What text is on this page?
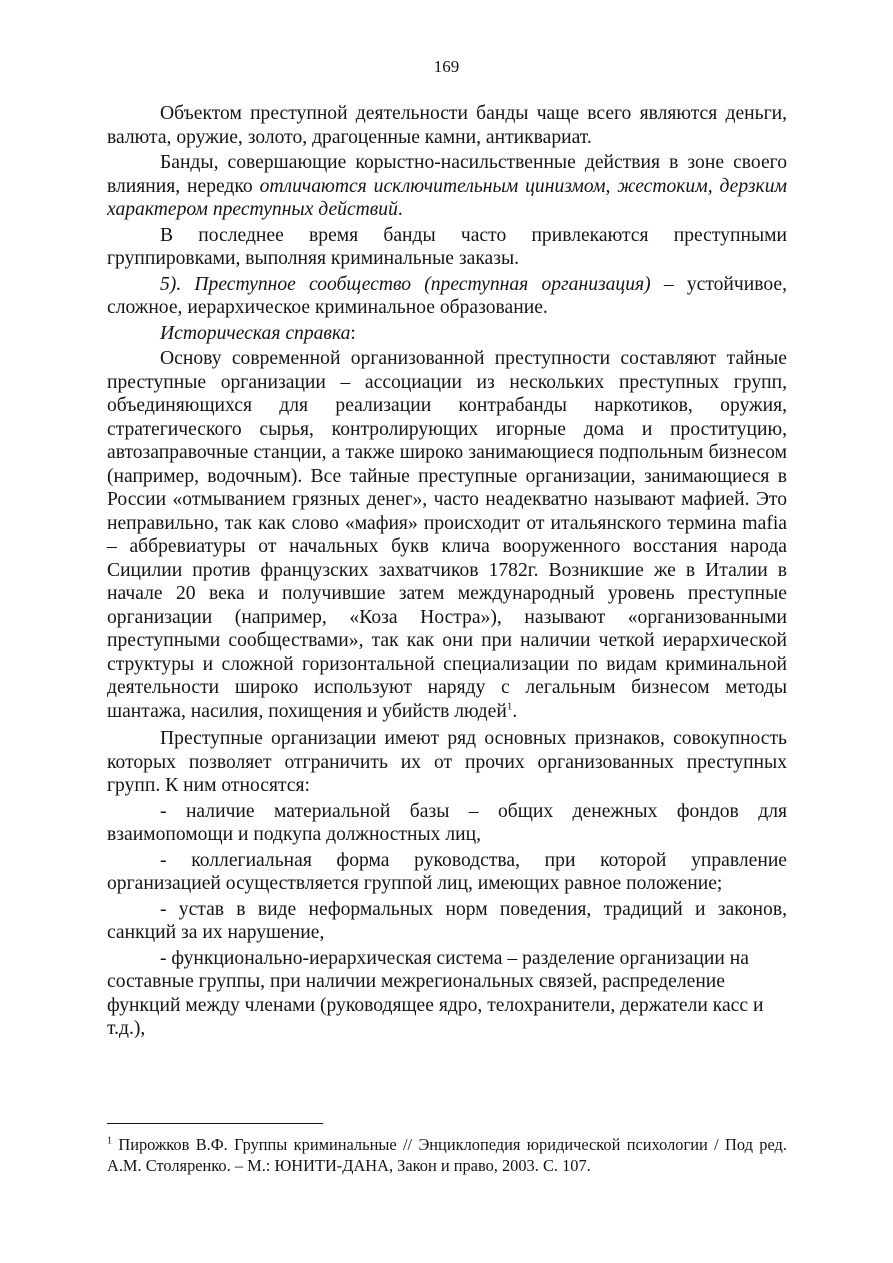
169

Объектом преступной деятельности банды чаще всего являются деньги, валюта, оружие, золото, драгоценные камни, антиквариат.

Банды, совершающие корыстно-насильственные действия в зоне своего влияния, нередко отличаются исключительным цинизмом, жестоким, дерзким характером преступных действий.

В последнее время банды часто привлекаются преступными группировками, выполняя криминальные заказы.

5). Преступное сообщество (преступная организация) – устойчивое, сложное, иерархическое криминальное образование.

Историческая справка:

Основу современной организованной преступности составляют тайные преступные организации – ассоциации из нескольких преступных групп, объединяющихся для реализации контрабанды наркотиков, оружия, стратегического сырья, контролирующих игорные дома и проституцию, автозаправочные станции, а также широко занимающиеся подпольным бизнесом (например, водочным). Все тайные преступные организации, занимающиеся в России «отмыванием грязных денег», часто неадекватно называют мафией. Это неправильно, так как слово «мафия» происходит от итальянского термина mafia – аббревиатуры от начальных букв клича вооруженного восстания народа Сицилии против французских захватчиков 1782г. Возникшие же в Италии в начале 20 века и получившие затем международный уровень преступные организации (например, «Коза Ностра»), называют «организованными преступными сообществами», так как они при наличии четкой иерархической структуры и сложной горизонтальной специализации по видам криминальной деятельности широко используют наряду с легальным бизнесом методы шантажа, насилия, похищения и убийств людей$^1$.

Преступные организации имеют ряд основных признаков, совокупность которых позволяет отграничить их от прочих организованных преступных групп. К ним относятся:

- наличие материальной базы – общих денежных фондов для взаимопомощи и подкупа должностных лиц,

- коллегиальная форма руководства, при которой управление организацией осуществляется группой лиц, имеющих равное положение;

- устав в виде неформальных норм поведения, традиций и законов, санкций за их нарушение,

- функционально-иерархическая система – разделение организации на составные группы, при наличии межрегиональных связей, распределение функций между членами (руководящее ядро, телохранители, держатели касс и т.д.),

$^1$ Пирожков В.Ф. Группы криминальные // Энциклопедия юридической психологии / Под ред. А.М. Столяренко. – М.: ЮНИТИ-ДАНА, Закон и право, 2003. С. 107.
